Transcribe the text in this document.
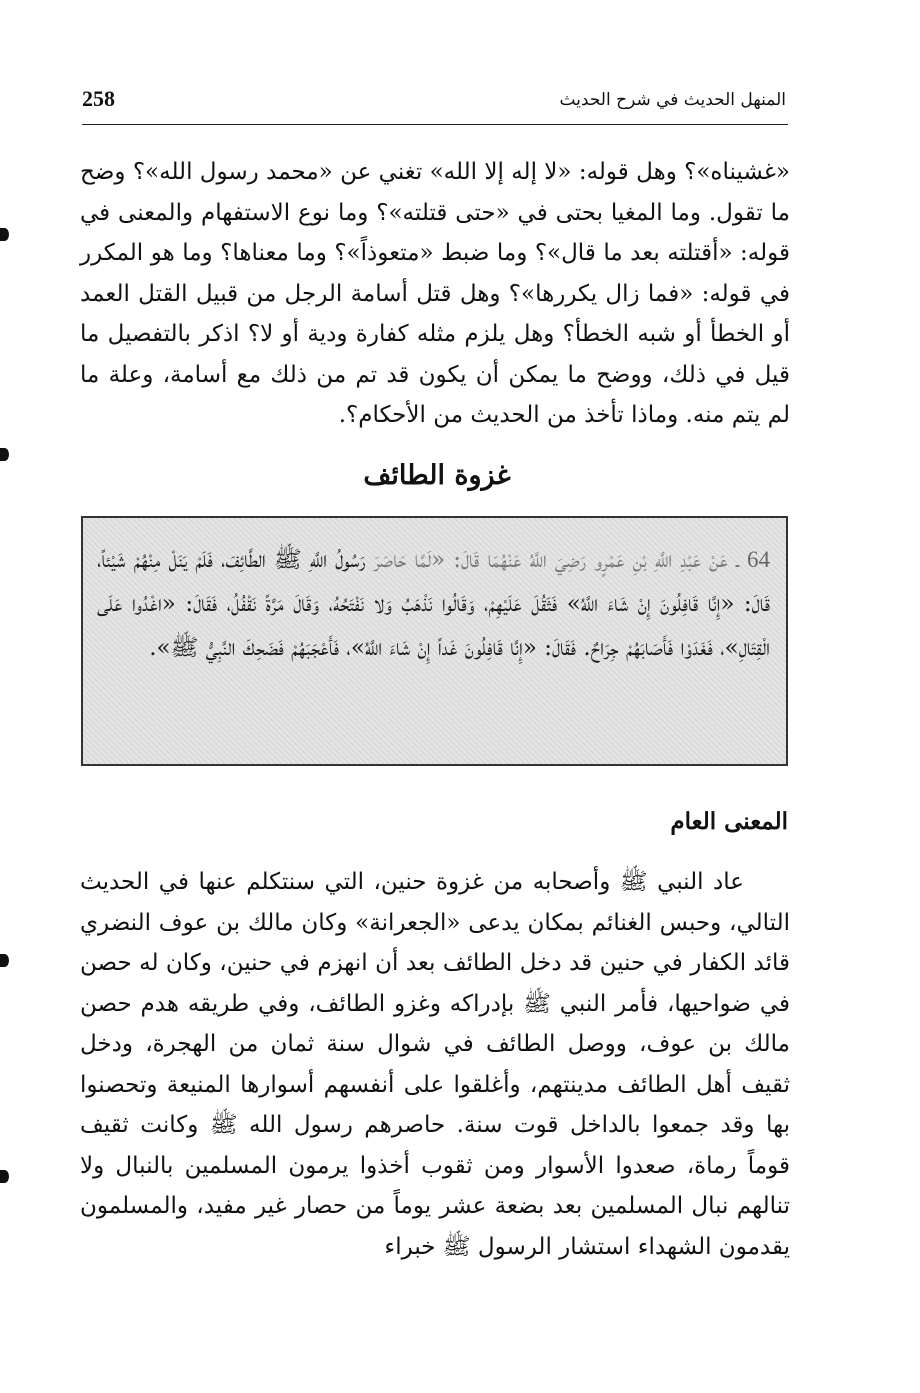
258	المنهل الحديث في شرح الحديث

«غشيناه»؟ وهل قوله: «لا إله إلا الله» تغني عن «محمد رسول الله»؟ وضح ما تقول. وما المغيا بحتى في «حتى قتلته»؟ وما نوع الاستفهام والمعنى في قوله: «أقتلته بعد ما قال»؟ وما ضبط «متعوذاً»؟ وما معناها؟ وما هو المكرر في قوله: «فما زال يكررها»؟ وهل قتل أسامة الرجل من قبيل القتل العمد أو الخطأ أو شبه الخطأ؟ وهل يلزم مثله كفارة ودية أو لا؟ اذكر بالتفصيل ما قيل في ذلك، ووضح ما يمكن أن يكون قد تم من ذلك مع أسامة، وعلة ما لم يتم منه. وماذا تأخذ من الحديث من الأحكام؟.

غزوة الطائف
64 ـ عَنْ عَبْدِ اللَّهِ بْنِ عَمْرٍو رَضِيَ اللَّهُ عَنْهُمَا قَالَ: «لَمَّا حَاصَرَ رَسُولُ اللَّهِ ﷺ الطَّائِفَ، فَلَمْ يَنَلْ مِنْهُمْ شَيْئاً، قَالَ: «إِنَّا قَافِلُونَ إِنْ شَاءَ اللَّهُ» فَثَقُلَ عَلَيْهِمْ، وَقَالُوا نَذْهَبُ وَلا نَفْتَحُهُ، وَقَالَ مَرَّةً نَقْفُلُ، فَقَالَ: «اغْدُوا عَلَى الْقِتَالِ»، فَغَدَوْا فَأَصَابَهُمْ جِرَاحٌ. فَقَالَ: «إِنَّا قَافِلُونَ غَداً إِنْ شَاءَ اللَّهُ»، فَأَعْجَبَهُمْ فَضَحِكَ النَّبِيُّ ﷺ».
المعنى العام

عاد النبي ﷺ وأصحابه من غزوة حنين، التي سنتكلم عنها في الحديث التالي، وحبس الغنائم بمكان يدعى «الجعرانة» وكان مالك بن عوف النضري قائد الكفار في حنين قد دخل الطائف بعد أن انهزم في حنين، وكان له حصن في ضواحيها، فأمر النبي ﷺ بإدراكه وغزو الطائف، وفي طريقه هدم حصن مالك بن عوف، ووصل الطائف في شوال سنة ثمان من الهجرة، ودخل ثقيف أهل الطائف مدينتهم، وأغلقوا على أنفسهم أسوارها المنيعة وتحصنوا بها وقد جمعوا بالداخل قوت سنة. حاصرهم رسول الله ﷺ وكانت ثقيف قوماً رماة، صعدوا الأسوار ومن ثقوب أخذوا يرمون المسلمين بالنبال ولا تنالهم نبال المسلمين بعد بضعة عشر يوماً من حصار غير مفيد، والمسلمون يقدمون الشهداء استشار الرسول ﷺ خبراء
